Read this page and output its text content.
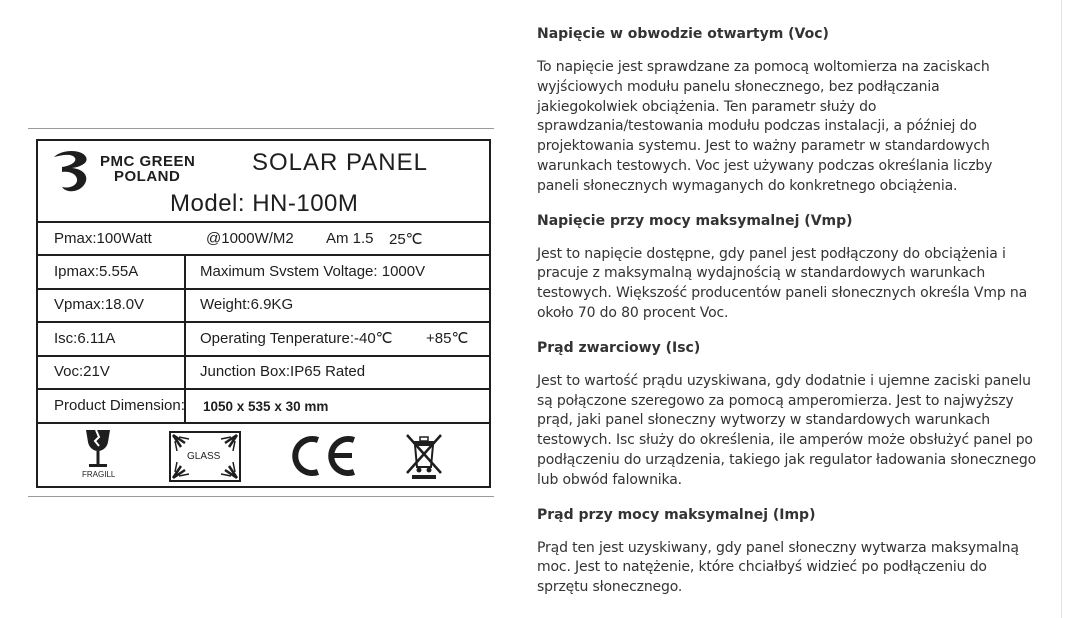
PMC GREEN
POLAND
SOLAR PANEL
Model: HN-100M
Pmax:100Watt	@1000W/M2 Am 1.5 25℃
Ipmax:5.55A	Maximum Svstem Voltage: 1000V
Vpmax:18.0V	Weight:6.9KG
Isc:6.11A	Operating Tenperature:-40℃ +85℃
Voc:21V	Junction Box:IP65 Rated
Product Dimension: 1050 x 535 x 30 mm
FRAGILL
GLASS
Napięcie w obwodzie otwartym (Voc)

To napięcie jest sprawdzane za pomocą woltomierza na zaciskach wyjściowych modułu panelu słonecznego, bez podłączania jakiegokolwiek obciążenia. Ten parametr służy do sprawdzania/testowania modułu podczas instalacji, a później do projektowania systemu. Jest to ważny parametr w standardowych warunkach testowych. Voc jest używany podczas określania liczby paneli słonecznych wymaganych do konkretnego obciążenia.

Napięcie przy mocy maksymalnej (Vmp)

Jest to napięcie dostępne, gdy panel jest podłączony do obciążenia i pracuje z maksymalną wydajnością w standardowych warunkach testowych. Większość producentów paneli słonecznych określa Vmp na około 70 do 80 procent Voc.

Prąd zwarciowy (Isc)

Jest to wartość prądu uzyskiwana, gdy dodatnie i ujemne zaciski panelu są połączone szeregowo za pomocą amperomierza. Jest to najwyższy prąd, jaki panel słoneczny wytworzy w standardowych warunkach testowych. Isc służy do określenia, ile amperów może obsłużyć panel po podłączeniu do urządzenia, takiego jak regulator ładowania słonecznego lub obwód falownika.

Prąd przy mocy maksymalnej (Imp)

Prąd ten jest uzyskiwany, gdy panel słoneczny wytwarza maksymalną moc. Jest to natężenie, które chciałbyś widzieć po podłączeniu do sprzętu słonecznego.
